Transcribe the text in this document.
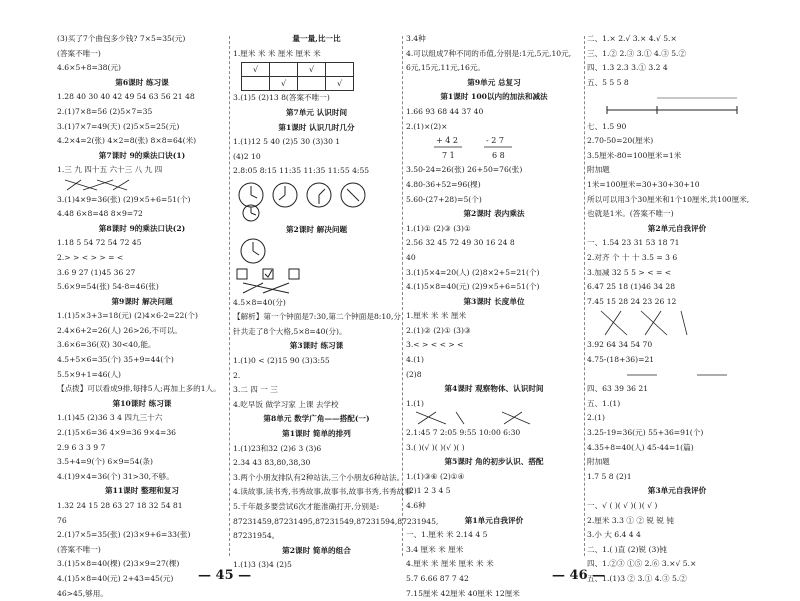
(3)买了7个曲包多少钱? 7×5=35(元)
(答案不唯一)
4.6×5+8=38(元)
第6课时 练习课
1.28 40 30 40 42 49 54 63 56 21 48
2.(1)7×8=56 (2)5×7=35
3.(1)7×7=49(天) (2)5×5=25(元)
4.2×4=2(张) 4×2=8(张) 8×8=64(米)
第7课时 9的乘法口诀(1)
1.三 九 四十五 六十三 八 九 四
3.(1)4×9=36(张) (2)9×5+6=51(个)
4.48 6×8=48 8×9=72
第8课时 9的乘法口诀(2)
1.18 5 54 72 54 72 45
2.> > < > > = <
3.6 9 27 (1)45 36 27
5.6×9=54(张) 54-8=46(张)
第9课时 解决问题
1.(1)5×3+3=18(元) (2)4×6-2=22(个)
2.4×6+2=26(人) 26>26,不可以。
3.6×6=36(双) 30<40,能。
4.5+5×6=35(个) 35+9=44(个)
5.5×9+1=46(人)
【点拨】可以看成9排,每排5人;再加上多的1人。
第10课时 练习课
1.(1)45 (2)36 3 4 四九三十六
2.(1)5×6=36 4×9=36 9×4=36
2.9 6 3 3 9 7
3.5+4=9(个) 6×9=54(条)
4.(1)9×4=36(个) 31>30,不够。
第11课时 整理和复习
1.32 24 15 28 63 27 18 32 54 81
76
2.(1)7×5=35(张) (2)3×9+6=33(张)
(答案不唯一)
3.(1)5×8=40(棵) (2)3×9=27(棵)
4.(1)5×8=40(元) 2+43=45(元)
46>45,够用。
量一量,比一比
1.厘米 米 米 厘米 厘米 米
√		√	
	√		√
3.(1)5 (2)13 8(答案不唯一)
第7单元 认识时间
第1课时 认识几时几分
1.(1)12 5 40 (2)5 30 (3)30 1
(4)2 10
2.8:05 8:15 11:35 11:35 11:55 4:55
第2课时 解决问题
4.5×8=40(分)
【解析】第一个钟面是7:30,第二个钟面是8:10,分
针共走了8个大格,5×8=40(分)。
第3课时 练习课
1.(1)0 < (2)15 90 (3)3:55
2.
3.二 四 一 三
4.吃早饭 做学习家 上课 去学校
第8单元 数学广角——搭配(一)
第1课时 简单的排列
1.(1)23和32 (2)6 3 (3)6
2.34 43 83,80,38,30
3.两个小朋友排队有2种站法,三个小朋友6种站法。
4.读故事,读书秀,书秀故事,故事书,故事书秀,书秀故事
5.千年最多要尝试6次才能准确打开,分别是:
87231459,87231495,87231549,87231594,87231945,
87231954。
第2课时 简单的组合
1.(1)3 (3)4 (2)5
3.4种
4.可以组成7种不同的币值,分别是:1元,5元,10元,
6元,15元,11元,16元。
第9单元 总复习
第1课时 100以内的加法和减法
1.66 93 68 44 37 40
2.(1)×(2)×
+ 4 2
7 1
- 2 7
6 8
3.50-24=26(张) 26+50=76(张)
4.80-36+52=96(棵)
5.60-(27+28)=5(个)
第2课时 表内乘法
1.(1)① (2)③ (3)①
2.56 32 45 72 49 30 16 24 8
40
3.(1)5×4=20(人) (2)8×2+5=21(个)
4.(1)5×8=40(元) (2)9×5+6=51(个)
第3课时 长度单位
1.厘米 米 米 厘米
2.(1)② (2)① (3)③
3.< > < < > <
4.(1)
(2)8
第4课时 观察物体、认识时间
1.(1)
2.1:45 7 2:05 9:55 10:00 6:30
3.( )(√ )( )(√ )( )
第5课时 角的初步认识、搭配
1.(1)③⑥ (2)①④
(2)1 2 3 4 5
4.6种
第1单元自我评价
一、1.厘米 米 2.14 4 5
3.4 厘米 米 厘米
4.厘米 米 厘米 厘米 米 米
5.7 6.66 87 7 42
7.15厘米 42厘米 40厘米 12厘米
二、1.× 2.√ 3.× 4.√ 5.×
三、1.② 2.③ 3.① 4.③ 5.②
四、1.3 2.3 3.① 3.2 4
五、5 5 5 8
七、1.5 90
2.70-50=20(厘米)
3.5厘米-80=100厘米=1米
附加题
1米=100厘米=30+30+30+10
所以可以用3个30厘米和1个10厘米,共100厘米,
也就是1米。(答案不唯一)
第2单元自我评价
一、1.54 23 31 53 18 71
2.对齐 个 十 十 3.5 = 3 6
3.加减 32 5 5 > < = <
6.47 25 18 (1)46 34 28
7.45 15 28 24 23 26 12
3.92 64 34 54 70
4.75-(18+36)=21
四、63 39 36 21
五、1.(1)
2.(1)
3.25-19=36(元) 55+36=91(个)
4.35+8=40(人) 45-44=1(篇)
附加题
1.7 5 8 (2)1
第3单元自我评价
一、√ ( )( √ )( )( √ )
2.厘米 3.3 ① ② 锐 锐 钝
3.小 大 6.4 4 4
二、1.( )直 (2)锐 (3)钝
四、1.②③ ①⑤ 2.⑥ 3.×√ 5.×
五、1.(1)3 ② 3.① 4.③ 5.②
— 45 —	— 46 —
